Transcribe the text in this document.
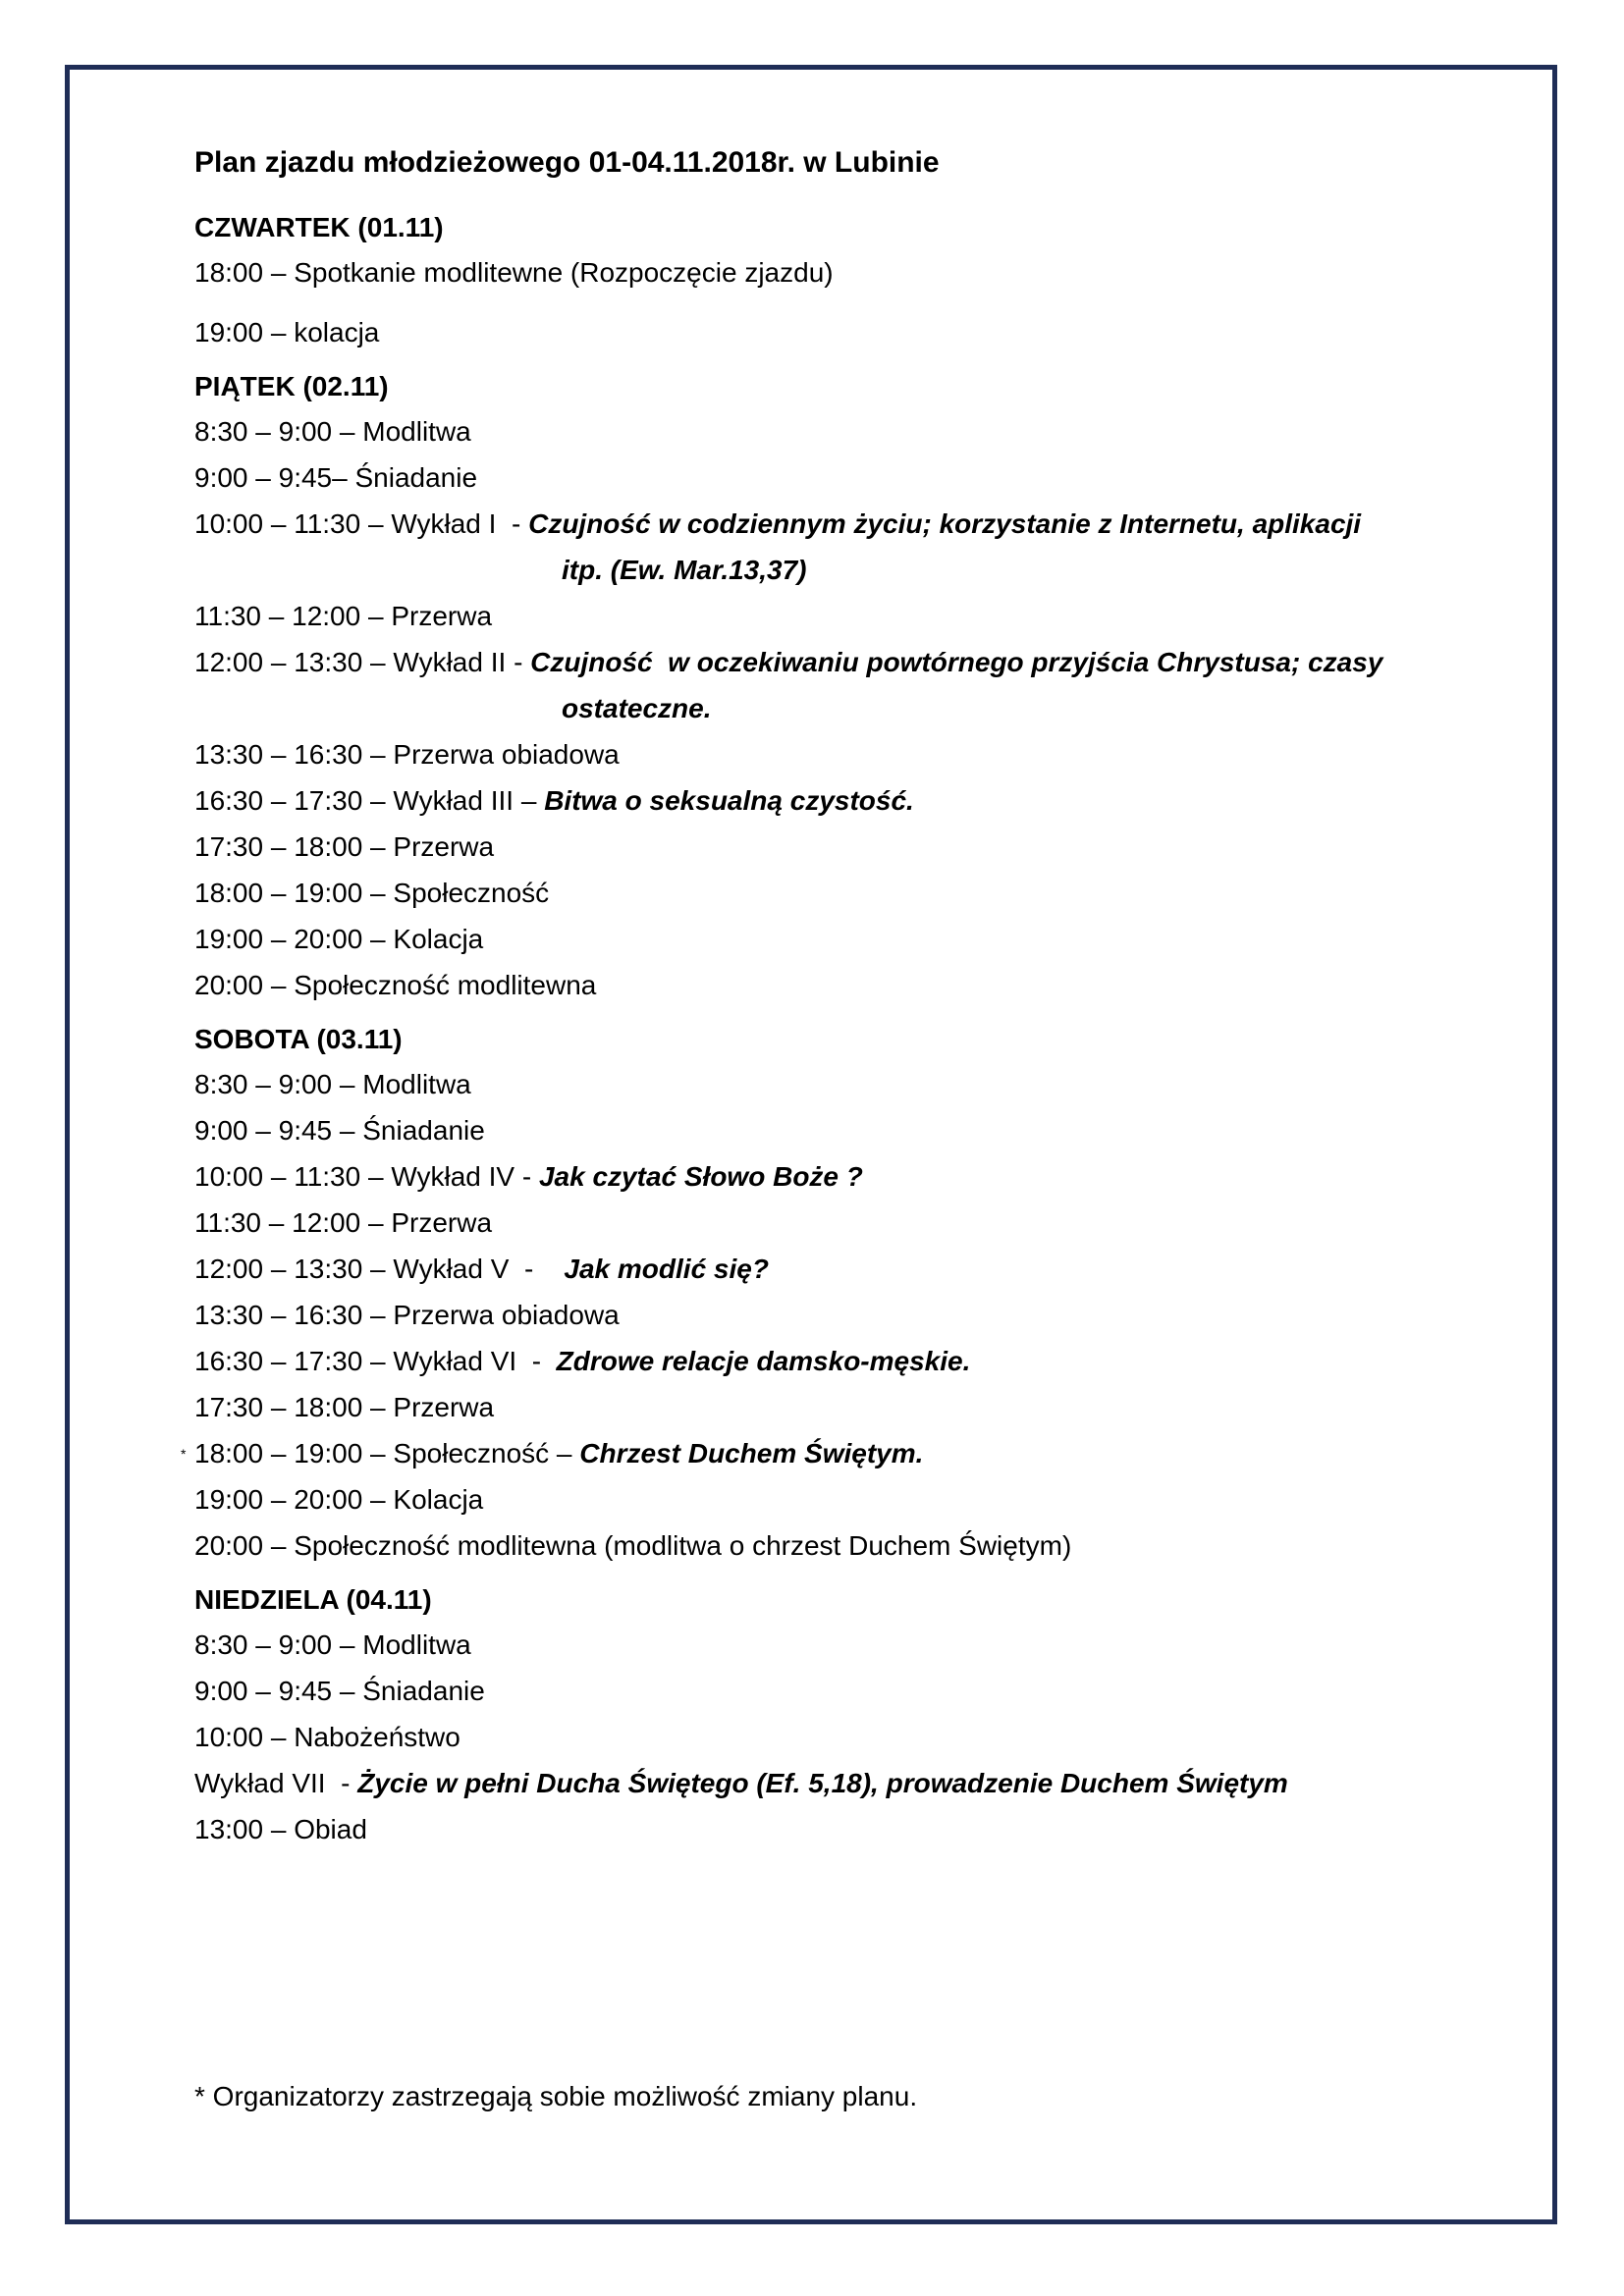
Plan zjazdu młodzieżowego 01-04.11.2018r. w Lubinie
CZWARTEK (01.11)
18:00 – Spotkanie modlitewne (Rozpoczęcie zjazdu)
19:00 – kolacja
PIĄTEK (02.11)
8:30 – 9:00 – Modlitwa
9:00 – 9:45– Śniadanie
10:00 – 11:30 – Wykład I  - Czujność w codziennym życiu; korzystanie z Internetu, aplikacji
itp. (Ew. Mar.13,37)
11:30 – 12:00 – Przerwa
12:00 – 13:30 – Wykład II - Czujność  w oczekiwaniu powtórnego przyjścia Chrystusa; czasy
ostateczne.
13:30 – 16:30 – Przerwa obiadowa
16:30 – 17:30 – Wykład III – Bitwa o seksualną czystość.
17:30 – 18:00 – Przerwa
18:00 – 19:00 – Społeczność
19:00 – 20:00 – Kolacja
20:00 – Społeczność modlitewna
SOBOTA (03.11)
8:30 – 9:00 – Modlitwa
9:00 – 9:45 – Śniadanie
10:00 – 11:30 – Wykład IV - Jak czytać Słowo Boże ?
11:30 – 12:00 – Przerwa
12:00 – 13:30 – Wykład V  -    Jak modlić się?
13:30 – 16:30 – Przerwa obiadowa
16:30 – 17:30 – Wykład VI  -  Zdrowe relacje damsko-męskie.
17:30 – 18:00 – Przerwa
18:00 – 19:00 – Społeczność – Chrzest Duchem Świętym.
19:00 – 20:00 – Kolacja
20:00 – Społeczność modlitewna (modlitwa o chrzest Duchem Świętym)
NIEDZIELA (04.11)
8:30 – 9:00 – Modlitwa
9:00 – 9:45 – Śniadanie
10:00 – Nabożeństwo
Wykład VII  - Życie w pełni Ducha Świętego (Ef. 5,18), prowadzenie Duchem Świętym
13:00 – Obiad
*
* Organizatorzy zastrzegają sobie możliwość zmiany planu.
